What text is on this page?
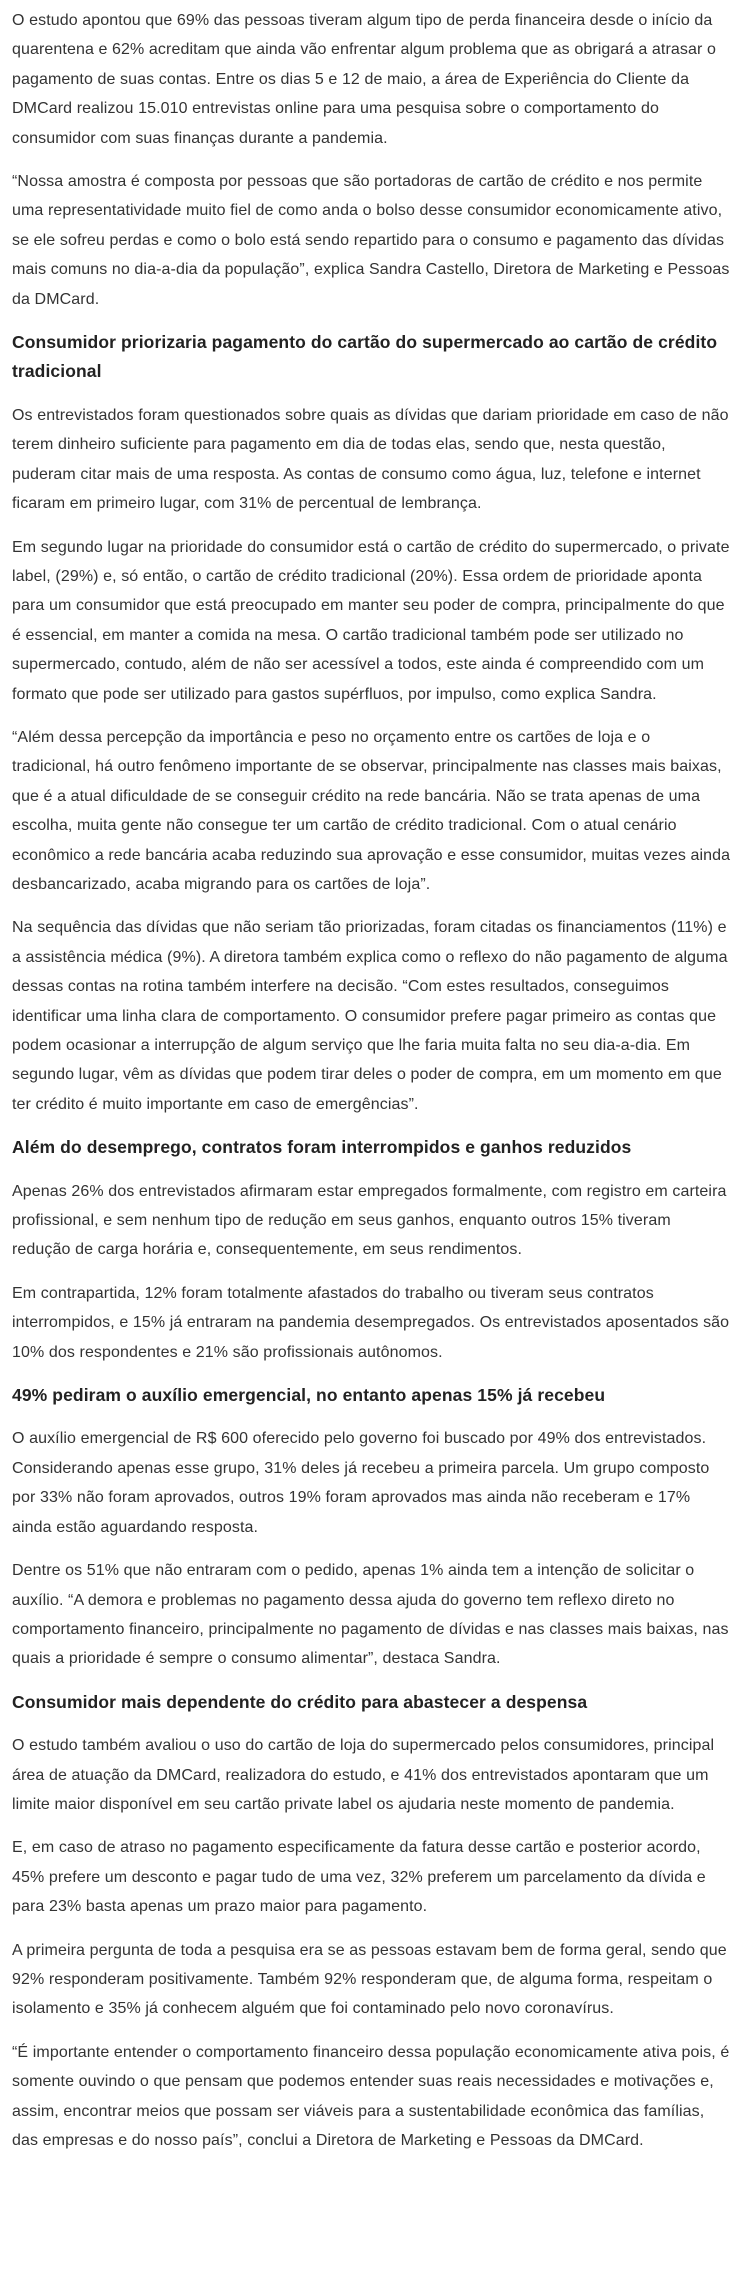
O estudo apontou que 69% das pessoas tiveram algum tipo de perda financeira desde o início da quarentena e 62% acreditam que ainda vão enfrentar algum problema que as obrigará a atrasar o pagamento de suas contas. Entre os dias 5 e 12 de maio, a área de Experiência do Cliente da DMCard realizou 15.010 entrevistas online para uma pesquisa sobre o comportamento do consumidor com suas finanças durante a pandemia.

“Nossa amostra é composta por pessoas que são portadoras de cartão de crédito e nos permite uma representatividade muito fiel de como anda o bolso desse consumidor economicamente ativo, se ele sofreu perdas e como o bolo está sendo repartido para o consumo e pagamento das dívidas mais comuns no dia-a-dia da população”, explica Sandra Castello, Diretora de Marketing e Pessoas da DMCard.

Consumidor priorizaria pagamento do cartão do supermercado ao cartão de crédito tradicional

Os entrevistados foram questionados sobre quais as dívidas que dariam prioridade em caso de não terem dinheiro suficiente para pagamento em dia de todas elas, sendo que, nesta questão, puderam citar mais de uma resposta. As contas de consumo como água, luz, telefone e internet ficaram em primeiro lugar, com 31% de percentual de lembrança.

Em segundo lugar na prioridade do consumidor está o cartão de crédito do supermercado, o private label, (29%) e, só então, o cartão de crédito tradicional (20%). Essa ordem de prioridade aponta para um consumidor que está preocupado em manter seu poder de compra, principalmente do que é essencial, em manter a comida na mesa. O cartão tradicional também pode ser utilizado no supermercado, contudo, além de não ser acessível a todos, este ainda é compreendido com um formato que pode ser utilizado para gastos supérfluos, por impulso, como explica Sandra.

“Além dessa percepção da importância e peso no orçamento entre os cartões de loja e o tradicional, há outro fenômeno importante de se observar, principalmente nas classes mais baixas, que é a atual dificuldade de se conseguir crédito na rede bancária. Não se trata apenas de uma escolha, muita gente não consegue ter um cartão de crédito tradicional. Com o atual cenário econômico a rede bancária acaba reduzindo sua aprovação e esse consumidor, muitas vezes ainda desbancarizado, acaba migrando para os cartões de loja”.

Na sequência das dívidas que não seriam tão priorizadas, foram citadas os financiamentos (11%) e a assistência médica (9%). A diretora também explica como o reflexo do não pagamento de alguma dessas contas na rotina também interfere na decisão. “Com estes resultados, conseguimos identificar uma linha clara de comportamento. O consumidor prefere pagar primeiro as contas que podem ocasionar a interrupção de algum serviço que lhe faria muita falta no seu dia-a-dia. Em segundo lugar, vêm as dívidas que podem tirar deles o poder de compra, em um momento em que ter crédito é muito importante em caso de emergências”.

Além do desemprego, contratos foram interrompidos e ganhos reduzidos

Apenas 26% dos entrevistados afirmaram estar empregados formalmente, com registro em carteira profissional, e sem nenhum tipo de redução em seus ganhos, enquanto outros 15% tiveram redução de carga horária e, consequentemente, em seus rendimentos.

Em contrapartida, 12% foram totalmente afastados do trabalho ou tiveram seus contratos interrompidos, e 15% já entraram na pandemia desempregados. Os entrevistados aposentados são 10% dos respondentes e 21% são profissionais autônomos.

49% pediram o auxílio emergencial, no entanto apenas 15% já recebeu

O auxílio emergencial de R$ 600 oferecido pelo governo foi buscado por 49% dos entrevistados. Considerando apenas esse grupo, 31% deles já recebeu a primeira parcela. Um grupo composto por 33% não foram aprovados, outros 19% foram aprovados mas ainda não receberam e 17% ainda estão aguardando resposta.

Dentre os 51% que não entraram com o pedido, apenas 1% ainda tem a intenção de solicitar o auxílio. “A demora e problemas no pagamento dessa ajuda do governo tem reflexo direto no comportamento financeiro, principalmente no pagamento de dívidas e nas classes mais baixas, nas quais a prioridade é sempre o consumo alimentar”, destaca Sandra.

Consumidor mais dependente do crédito para abastecer a despensa

O estudo também avaliou o uso do cartão de loja do supermercado pelos consumidores, principal área de atuação da DMCard, realizadora do estudo, e 41% dos entrevistados apontaram que um limite maior disponível em seu cartão private label os ajudaria neste momento de pandemia.

E, em caso de atraso no pagamento especificamente da fatura desse cartão e posterior acordo, 45% prefere um desconto e pagar tudo de uma vez, 32% preferem um parcelamento da dívida e para 23% basta apenas um prazo maior para pagamento.

A primeira pergunta de toda a pesquisa era se as pessoas estavam bem de forma geral, sendo que 92% responderam positivamente. Também 92% responderam que, de alguma forma, respeitam o isolamento e 35% já conhecem alguém que foi contaminado pelo novo coronavírus.

“É importante entender o comportamento financeiro dessa população economicamente ativa pois, é somente ouvindo o que pensam que podemos entender suas reais necessidades e motivações e, assim, encontrar meios que possam ser viáveis para a sustentabilidade econômica das famílias, das empresas e do nosso país”, conclui a Diretora de Marketing e Pessoas da DMCard.
